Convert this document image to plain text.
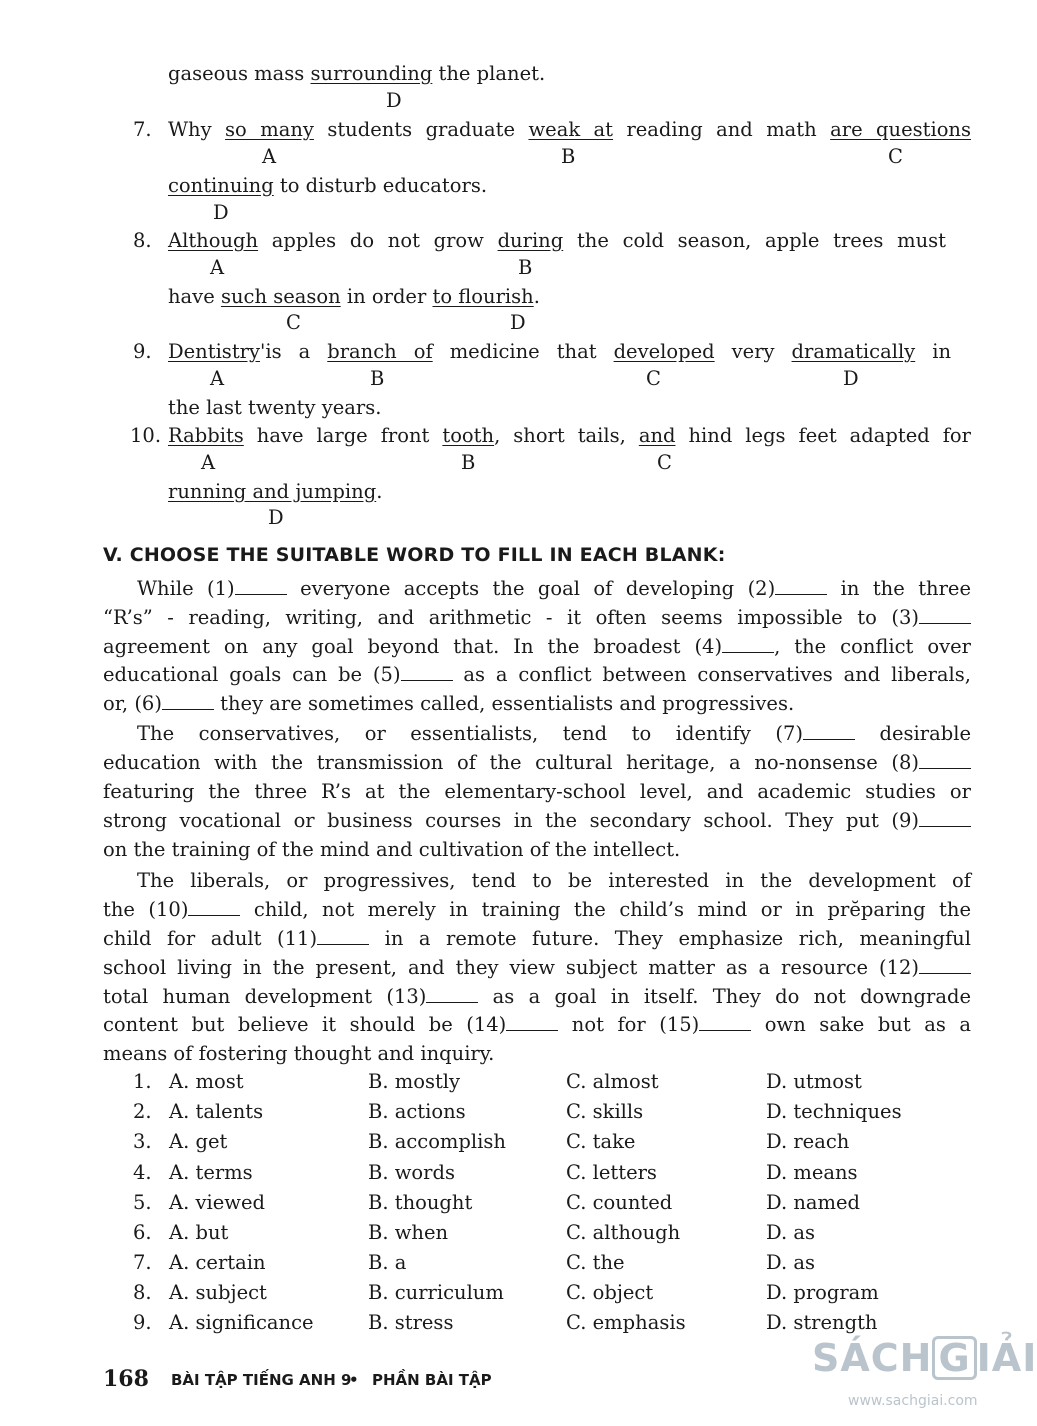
gaseous mass surrounding the planet.
D
7. Why so many students graduate weak at reading and math are questions
A	B	C
continuing to disturb educators.
D
8. Although apples do not grow during the cold season, apple trees must
A	B
have such season in order to flourish.
C	D
9. Dentistry'is a branch of medicine that developed very dramatically in
A	B	C	D
the last twenty years.
10. Rabbits have large front tooth, short tails, and hind legs feet adapted for
A	B	C
running and jumping.
D
V. CHOOSE THE SUITABLE WORD TO FILL IN EACH BLANK:
While (1)	everyone accepts the goal of developing (2)	in the three
“R’s” - reading, writing, and arithmetic - it often seems impossible to (3)
agreement on any goal beyond that. In the broadest (4)	, the conflict over
educational goals can be (5)	as a conflict between conservatives and liberals,
or, (6)	they are sometimes called, essentialists and progressives.
The conservatives, or essentialists, tend to identify (7)	desirable
education with the transmission of the cultural heritage, a no-nonsense (8)
featuring the three R’s at the elementary-school level, and academic studies or
strong vocational or business courses in the secondary school. They put (9)
on the training of the mind and cultivation of the intellect.
The liberals, or progressives, tend to be interested in the development of
the (10)	child, not merely in training the child’s mind or in prĕparing the
child for adult (11)	in a remote future. They emphasize rich, meaningful
school living in the present, and they view subject matter as a resource (12)
total human development (13)	as a goal in itself. They do not downgrade
content but believe it should be (14)	not for (15)	own sake but as a
means of fostering thought and inquiry.
1. A. most	B. mostly	C. almost	D. utmost
2. A. talents	B. actions	C. skills	D. techniques
3. A. get	B. accomplish	C. take	D. reach
4. A. terms	B. words	C. letters	D. means
5. A. viewed	B. thought	C. counted	D. named
6. A. but	B. when	C. although	D. as
7. A. certain	B. a	C. the	D. as
8. A. subject	B. curriculum	C. object	D. program
9. A. significance	B. stress	C. emphasis	D. strength
168 BÀI TẬP TIẾNG ANH 9
• PHẦN BÀI TẬP	SÁCH G IẢI
www.sachgiai.com
